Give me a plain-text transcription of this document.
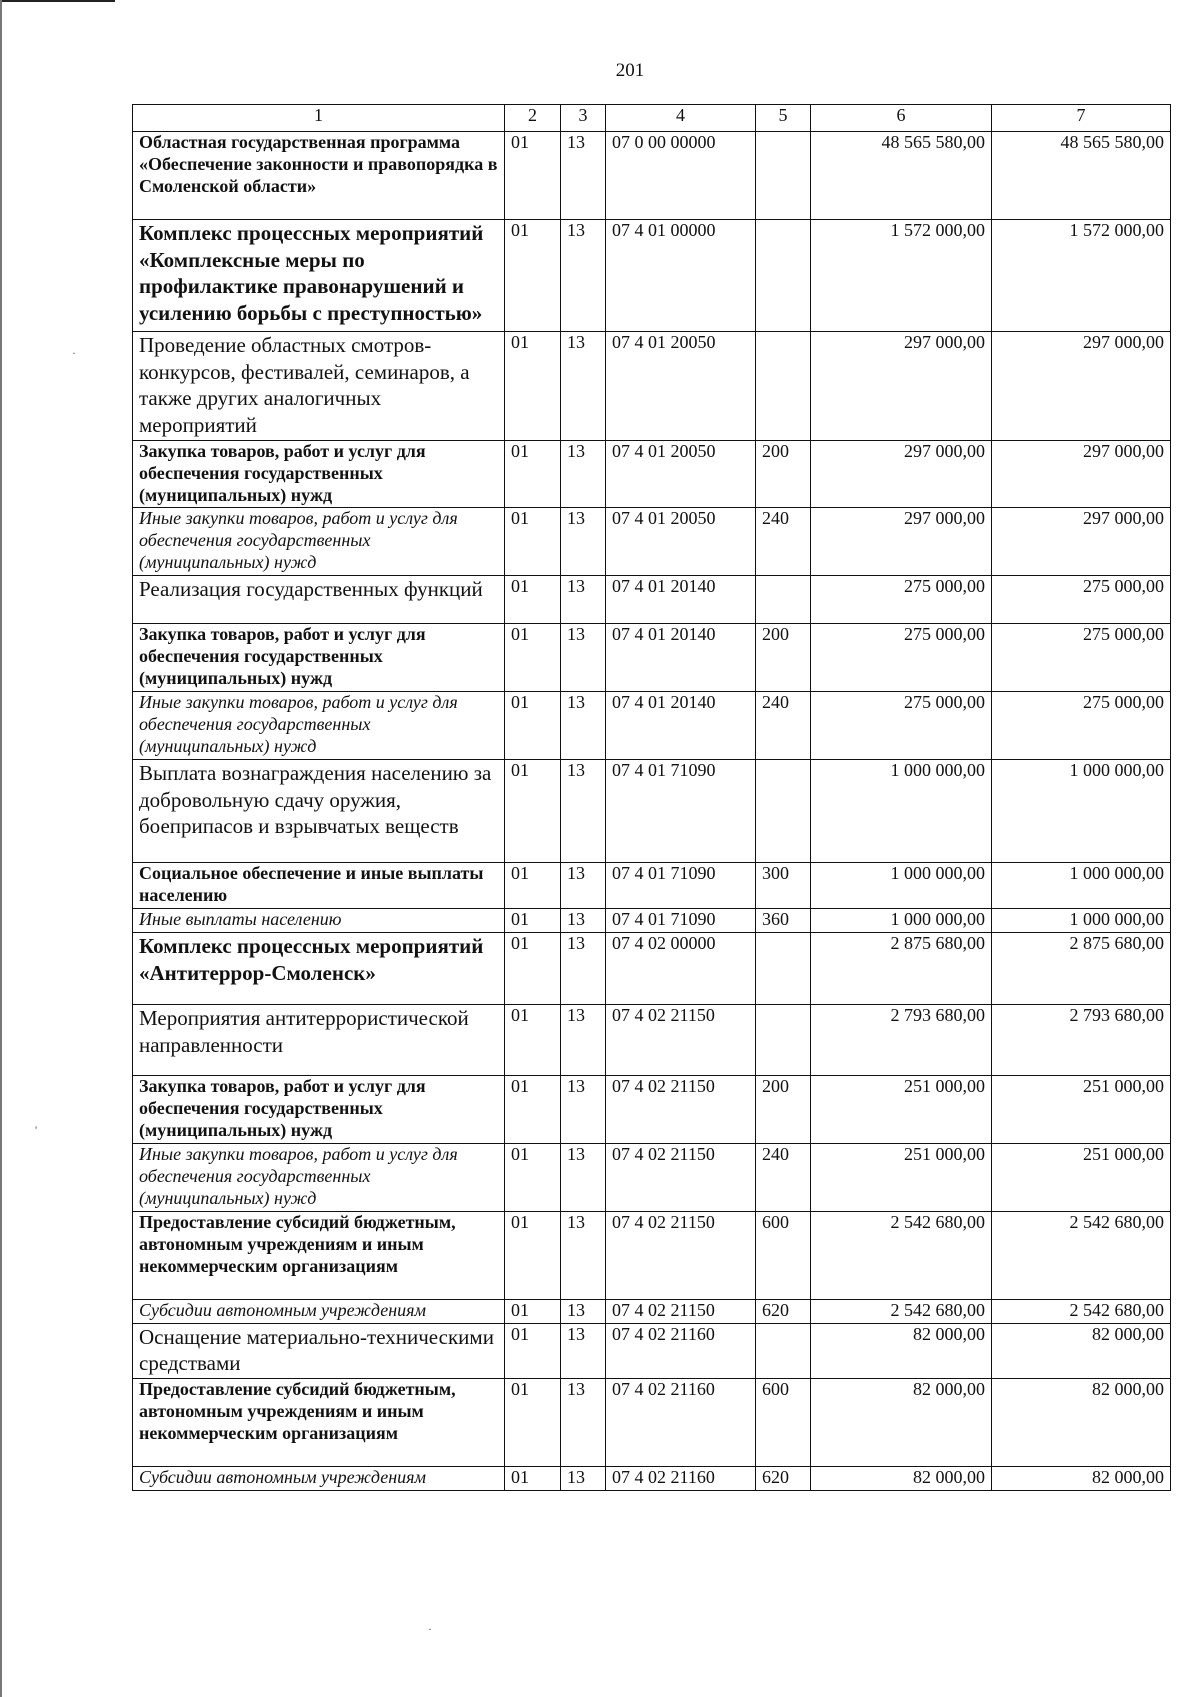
·
'
·
201
1	2	3	4	5	6	7
Областная государственная программа «Обеспечение законности и правопорядка в Смоленской области»	01	13	07 0 00 00000		48 565 580,00	48 565 580,00
Комплекс процессных мероприятий «Комплексные меры по профилактике правонарушений и усилению борьбы с преступностью»	01	13	07 4 01 00000		1 572 000,00	1 572 000,00
Проведение областных смотров-конкурсов, фестивалей, семинаров, а также других аналогичных мероприятий	01	13	07 4 01 20050		297 000,00	297 000,00
Закупка товаров, работ и услуг для обеспечения государственных (муниципальных) нужд	01	13	07 4 01 20050	200	297 000,00	297 000,00
Иные закупки товаров, работ и услуг для обеспечения государственных (муниципальных) нужд	01	13	07 4 01 20050	240	297 000,00	297 000,00
Реализация государственных функций	01	13	07 4 01 20140		275 000,00	275 000,00
Закупка товаров, работ и услуг для обеспечения государственных (муниципальных) нужд	01	13	07 4 01 20140	200	275 000,00	275 000,00
Иные закупки товаров, работ и услуг для обеспечения государственных (муниципальных) нужд	01	13	07 4 01 20140	240	275 000,00	275 000,00
Выплата вознаграждения населению за добровольную сдачу оружия, боеприпасов и взрывчатых веществ	01	13	07 4 01 71090		1 000 000,00	1 000 000,00
Социальное обеспечение и иные выплаты населению	01	13	07 4 01 71090	300	1 000 000,00	1 000 000,00
Иные выплаты населению	01	13	07 4 01 71090	360	1 000 000,00	1 000 000,00
Комплекс процессных мероприятий «Антитеррор-Смоленск»	01	13	07 4 02 00000		2 875 680,00	2 875 680,00
Мероприятия антитеррористической направленности	01	13	07 4 02 21150		2 793 680,00	2 793 680,00
Закупка товаров, работ и услуг для обеспечения государственных (муниципальных) нужд	01	13	07 4 02 21150	200	251 000,00	251 000,00
Иные закупки товаров, работ и услуг для обеспечения государственных (муниципальных) нужд	01	13	07 4 02 21150	240	251 000,00	251 000,00
Предоставление субсидий бюджетным, автономным учреждениям и иным некоммерческим организациям	01	13	07 4 02 21150	600	2 542 680,00	2 542 680,00
Субсидии автономным учреждениям	01	13	07 4 02 21150	620	2 542 680,00	2 542 680,00
Оснащение материально-техническими средствами	01	13	07 4 02 21160		82 000,00	82 000,00
Предоставление субсидий бюджетным, автономным учреждениям и иным некоммерческим организациям	01	13	07 4 02 21160	600	82 000,00	82 000,00
Субсидии автономным учреждениям	01	13	07 4 02 21160	620	82 000,00	82 000,00
